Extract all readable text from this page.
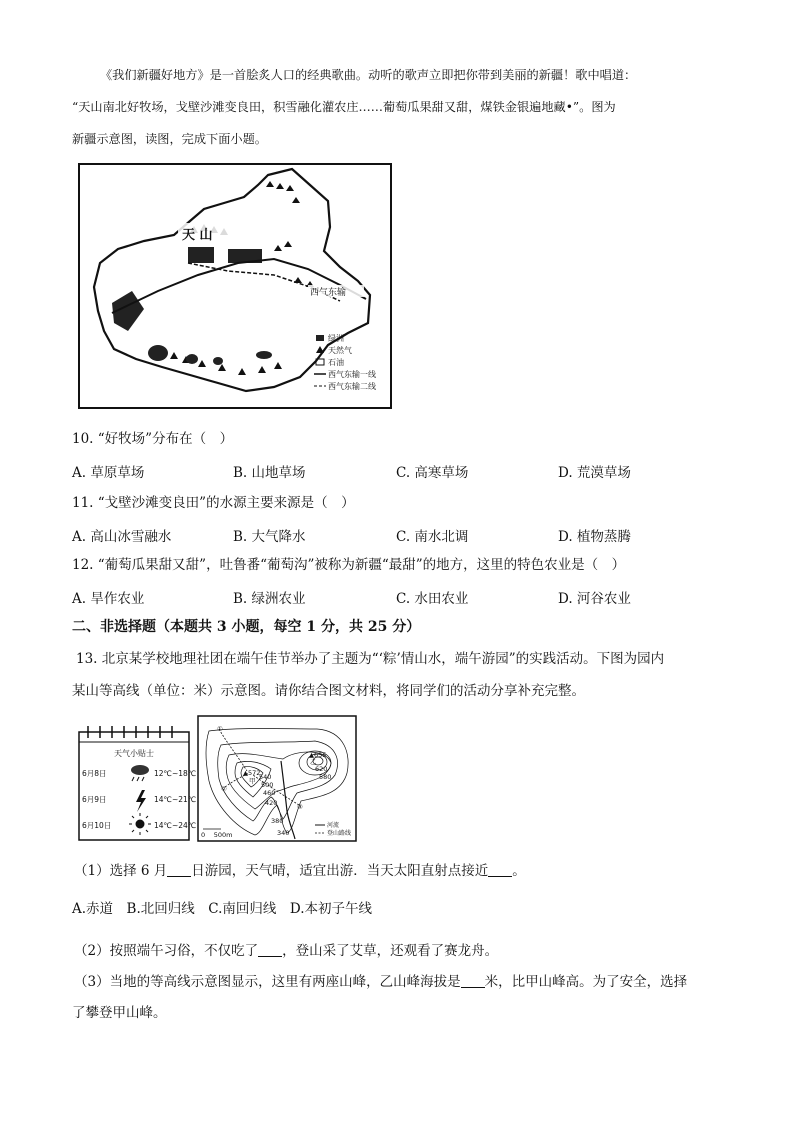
《我们新疆好地方》是一首脍炙人口的经典歌曲。动听的歌声立即把你带到美丽的新疆！歌中唱道：
“天山南北好牧场，戈壁沙滩变良田，积雪融化灌农庄……葡萄瓜果甜又甜，煤铁金银遍地藏•”。图为
新疆示意图，读图，完成下面小题。
天 山
西气东输
绿洲
天然气
石油
西气东输一线
西气东输二线
10. “好牧场”分布在（　）
A. 草原草场	B. 山地草场	C. 高寒草场	D. 荒漠草场
11. “戈壁沙滩变良田”的水源主要来源是（　）
A. 高山冰雪融水	B. 大气降水	C. 南水北调	D. 植物蒸腾
12. “葡萄瓜果甜又甜”，吐鲁番“葡萄沟”被称为新疆“最甜”的地方，这里的特色农业是（　）
A. 旱作农业	B. 绿洲农业	C. 水田农业	D. 河谷农业
二、非选择题（本题共 3 小题，每空 1 分，共 25 分）
13. 北京某学校地理社团在端午佳节举办了主题为“‘粽’情山水，端午游园”的实践活动。下图为园内
某山等高线（单位：米）示意图。请你结合图文材料，将同学们的活动分享补充完整。
天气小贴士
6月8日	12℃~18℃
6月9日	14℃~21℃
6月10日	14℃~24℃
①
②
③
▲572
甲
▲655
乙
620
580
540
500
460
420
380
340
0　 500m
河流
登山路线
（1）选择 6 月 日游园，天气晴，适宜出游．当天太阳直射点接近 。
A.赤道　B.北回归线　C.南回归线　D.本初子午线
（2）按照端午习俗，不仅吃了 ，登山采了艾草，还观看了赛龙舟。
（3）当地的等高线示意图显示，这里有两座山峰，乙山峰海拔是 米，比甲山峰高。为了安全，选择
了攀登甲山峰。
